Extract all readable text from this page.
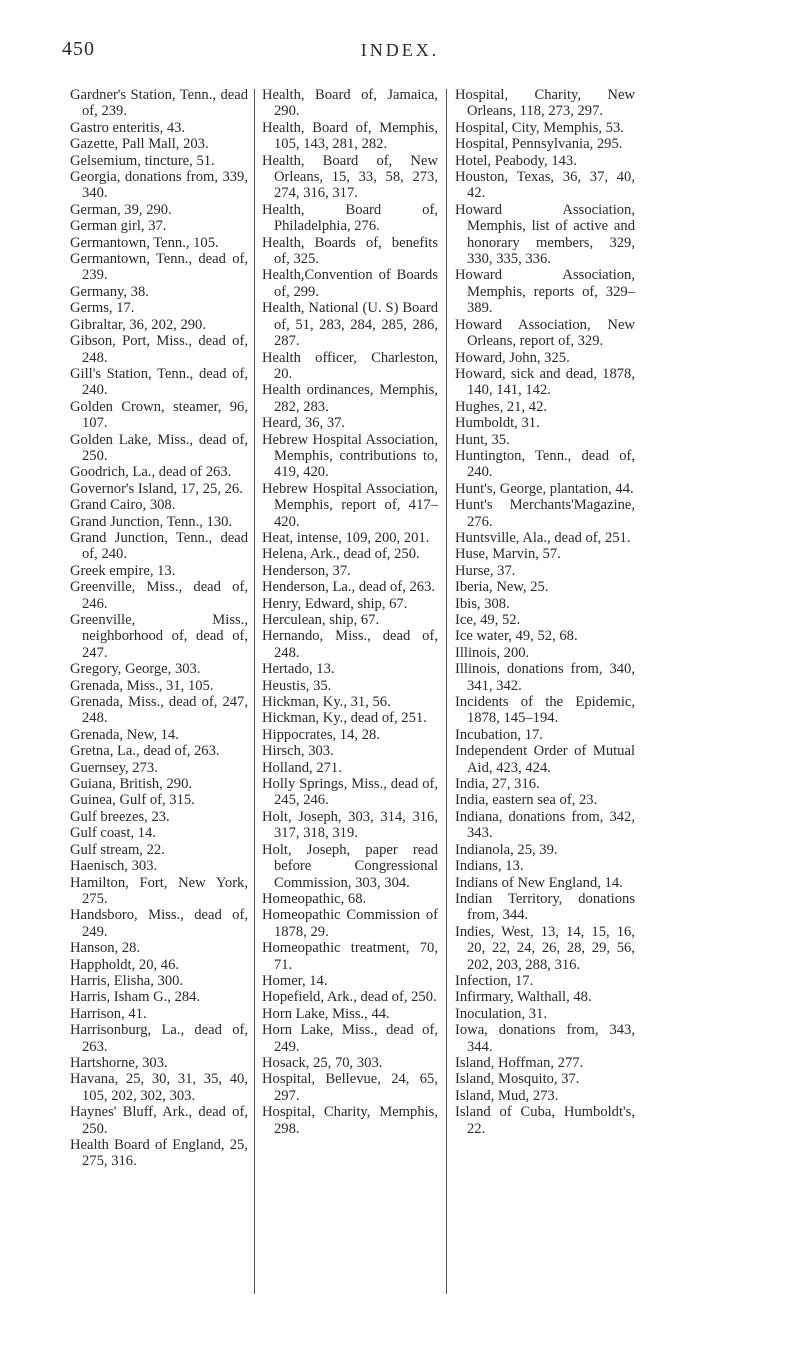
450	INDEX.
Gardner's Station, Tenn., dead of, 239.
Gastro enteritis, 43.
Gazette, Pall Mall, 203.
Gelsemium, tincture, 51.
Georgia, donations from, 339, 340.
German, 39, 290.
German girl, 37.
Germantown, Tenn., 105.
Germantown, Tenn., dead of, 239.
Germany, 38.
Germs, 17.
Gibraltar, 36, 202, 290.
Gibson, Port, Miss., dead of, 248.
Gill's Station, Tenn., dead of, 240.
Golden Crown, steamer, 96, 107.
Golden Lake, Miss., dead of, 250.
Goodrich, La., dead of 263.
Governor's Island, 17, 25, 26.
Grand Cairo, 308.
Grand Junction, Tenn., 130.
Grand Junction, Tenn., dead of, 240.
Greek empire, 13.
Greenville, Miss., dead of, 246.
Greenville, Miss., neighborhood of, dead of, 247.
Gregory, George, 303.
Grenada, Miss., 31, 105.
Grenada, Miss., dead of, 247, 248.
Grenada, New, 14.
Gretna, La., dead of, 263.
Guernsey, 273.
Guiana, British, 290.
Guinea, Gulf of, 315.
Gulf breezes, 23.
Gulf coast, 14.
Gulf stream, 22.
Haenisch, 303.
Hamilton, Fort, New York, 275.
Handsboro, Miss., dead of, 249.
Hanson, 28.
Happholdt, 20, 46.
Harris, Elisha, 300.
Harris, Isham G., 284.
Harrison, 41.
Harrisonburg, La., dead of, 263.
Hartshorne, 303.
Havana, 25, 30, 31, 35, 40, 105, 202, 302, 303.
Haynes' Bluff, Ark., dead of, 250.
Health Board of England, 25, 275, 316.
Health, Board of, Jamaica, 290.
Health, Board of, Memphis, 105, 143, 281, 282.
Health, Board of, New Orleans, 15, 33, 58, 273, 274, 316, 317.
Health, Board of, Philadelphia, 276.
Health, Boards of, benefits of, 325.
Health,Convention of Boards of, 299.
Health, National (U. S) Board of, 51, 283, 284, 285, 286, 287.
Health officer, Charleston, 20.
Health ordinances, Memphis, 282, 283.
Heard, 36, 37.
Hebrew Hospital Association, Memphis, contributions to, 419, 420.
Hebrew Hospital Association, Memphis, report of, 417–420.
Heat, intense, 109, 200, 201.
Helena, Ark., dead of, 250.
Henderson, 37.
Henderson, La., dead of, 263.
Henry, Edward, ship, 67.
Herculean, ship, 67.
Hernando, Miss., dead of, 248.
Hertado, 13.
Heustis, 35.
Hickman, Ky., 31, 56.
Hickman, Ky., dead of, 251.
Hippocrates, 14, 28.
Hirsch, 303.
Holland, 271.
Holly Springs, Miss., dead of, 245, 246.
Holt, Joseph, 303, 314, 316, 317, 318, 319.
Holt, Joseph, paper read before Congressional Commission, 303, 304.
Homeopathic, 68.
Homeopathic Commission of 1878, 29.
Homeopathic treatment, 70, 71.
Homer, 14.
Hopefield, Ark., dead of, 250.
Horn Lake, Miss., 44.
Horn Lake, Miss., dead of, 249.
Hosack, 25, 70, 303.
Hospital, Bellevue, 24, 65, 297.
Hospital, Charity, Memphis, 298.
Hospital, Charity, New Orleans, 118, 273, 297.
Hospital, City, Memphis, 53.
Hospital, Pennsylvania, 295.
Hotel, Peabody, 143.
Houston, Texas, 36, 37, 40, 42.
Howard Association, Memphis, list of active and honorary members, 329, 330, 335, 336.
Howard Association, Memphis, reports of, 329–389.
Howard Association, New Orleans, report of, 329.
Howard, John, 325.
Howard, sick and dead, 1878, 140, 141, 142.
Hughes, 21, 42.
Humboldt, 31.
Hunt, 35.
Huntington, Tenn., dead of, 240.
Hunt's, George, plantation, 44.
Hunt's Merchants'Magazine, 276.
Huntsville, Ala., dead of, 251.
Huse, Marvin, 57.
Hurse, 37.
Iberia, New, 25.
Ibis, 308.
Ice, 49, 52.
Ice water, 49, 52, 68.
Illinois, 200.
Illinois, donations from, 340, 341, 342.
Incidents of the Epidemic, 1878, 145–194.
Incubation, 17.
Independent Order of Mutual Aid, 423, 424.
India, 27, 316.
India, eastern sea of, 23.
Indiana, donations from, 342, 343.
Indianola, 25, 39.
Indians, 13.
Indians of New England, 14.
Indian Territory, donations from, 344.
Indies, West, 13, 14, 15, 16, 20, 22, 24, 26, 28, 29, 56, 202, 203, 288, 316.
Infection, 17.
Infirmary, Walthall, 48.
Inoculation, 31.
Iowa, donations from, 343, 344.
Island, Hoffman, 277.
Island, Mosquito, 37.
Island, Mud, 273.
Island of Cuba, Humboldt's, 22.
